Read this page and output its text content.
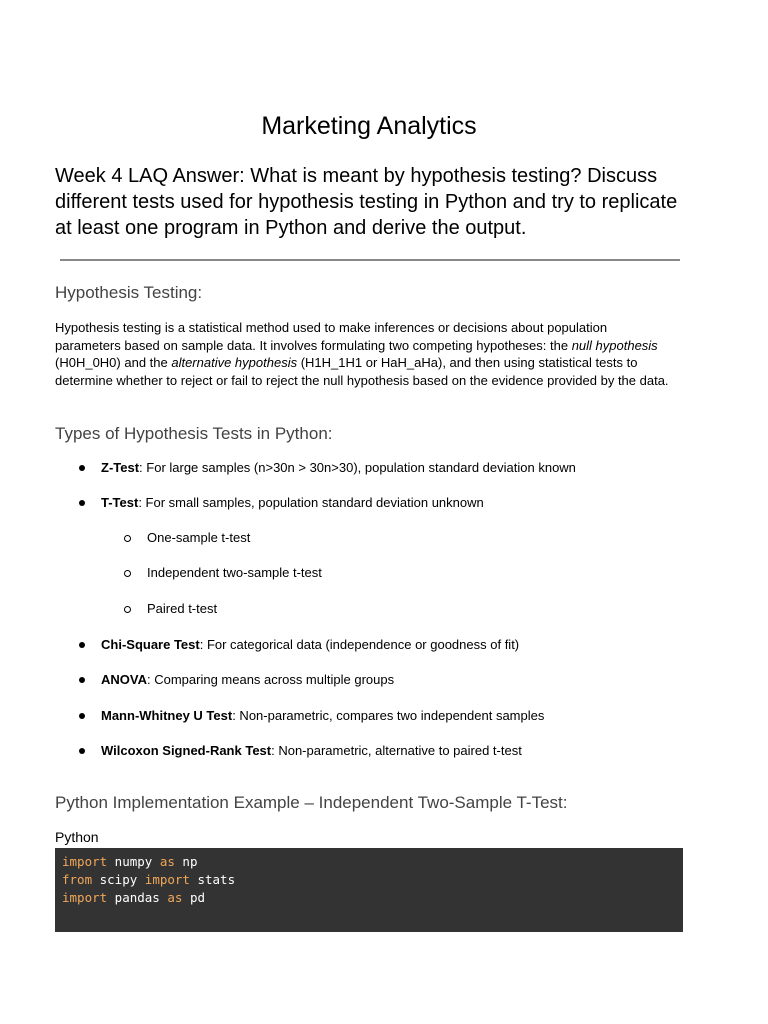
Marketing Analytics
Week 4 LAQ Answer: What is meant by hypothesis testing? Discuss different tests used for hypothesis testing in Python and try to replicate at least one program in Python and derive the output.
Hypothesis Testing:
Hypothesis testing is a statistical method used to make inferences or decisions about population parameters based on sample data. It involves formulating two competing hypotheses: the null hypothesis (H0H_0H0) and the alternative hypothesis (H1H_1H1 or HaH_aHa), and then using statistical tests to determine whether to reject or fail to reject the null hypothesis based on the evidence provided by the data.
Types of Hypothesis Tests in Python:
Z-Test: For large samples (n>30n > 30n>30), population standard deviation known
T-Test: For small samples, population standard deviation unknown
One-sample t-test
Independent two-sample t-test
Paired t-test
Chi-Square Test: For categorical data (independence or goodness of fit)
ANOVA: Comparing means across multiple groups
Mann-Whitney U Test: Non-parametric, compares two independent samples
Wilcoxon Signed-Rank Test: Non-parametric, alternative to paired t-test
Python Implementation Example – Independent Two-Sample T-Test:
Python
import numpy as np
from scipy import stats
import pandas as pd
